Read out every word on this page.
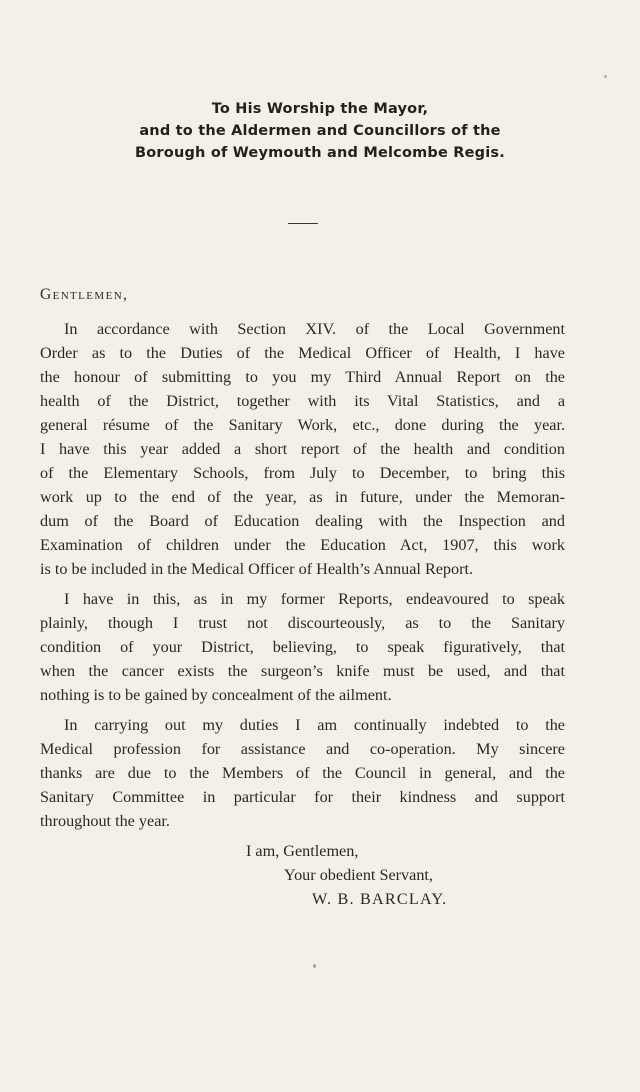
To His Worship the Mayor,
and to the Aldermen and Councillors of the
Borough of Weymouth and Melcombe Regis.
Gentlemen,
In accordance with Section XIV. of the Local Government
Order as to the Duties of the Medical Officer of Health, I have
the honour of submitting to you my Third Annual Report on the
health of the District, together with its Vital Statistics, and a
general résume of the Sanitary Work, etc., done during the year.
I have this year added a short report of the health and condition
of the Elementary Schools, from July to December, to bring this
work up to the end of the year, as in future, under the Memoran-
dum of the Board of Education dealing with the Inspection and
Examination of children under the Education Act, 1907, this work
is to be included in the Medical Officer of Health’s Annual Report.
I have in this, as in my former Reports, endeavoured to speak
plainly, though I trust not discourteously, as to the Sanitary
condition of your District, believing, to speak figuratively, that
when the cancer exists the surgeon’s knife must be used, and that
nothing is to be gained by concealment of the ailment.
In carrying out my duties I am continually indebted to the
Medical profession for assistance and co-operation. My sincere
thanks are due to the Members of the Council in general, and the
Sanitary Committee in particular for their kindness and support
throughout the year.
I am, Gentlemen,
Your obedient Servant,
W. B. BARCLAY.
